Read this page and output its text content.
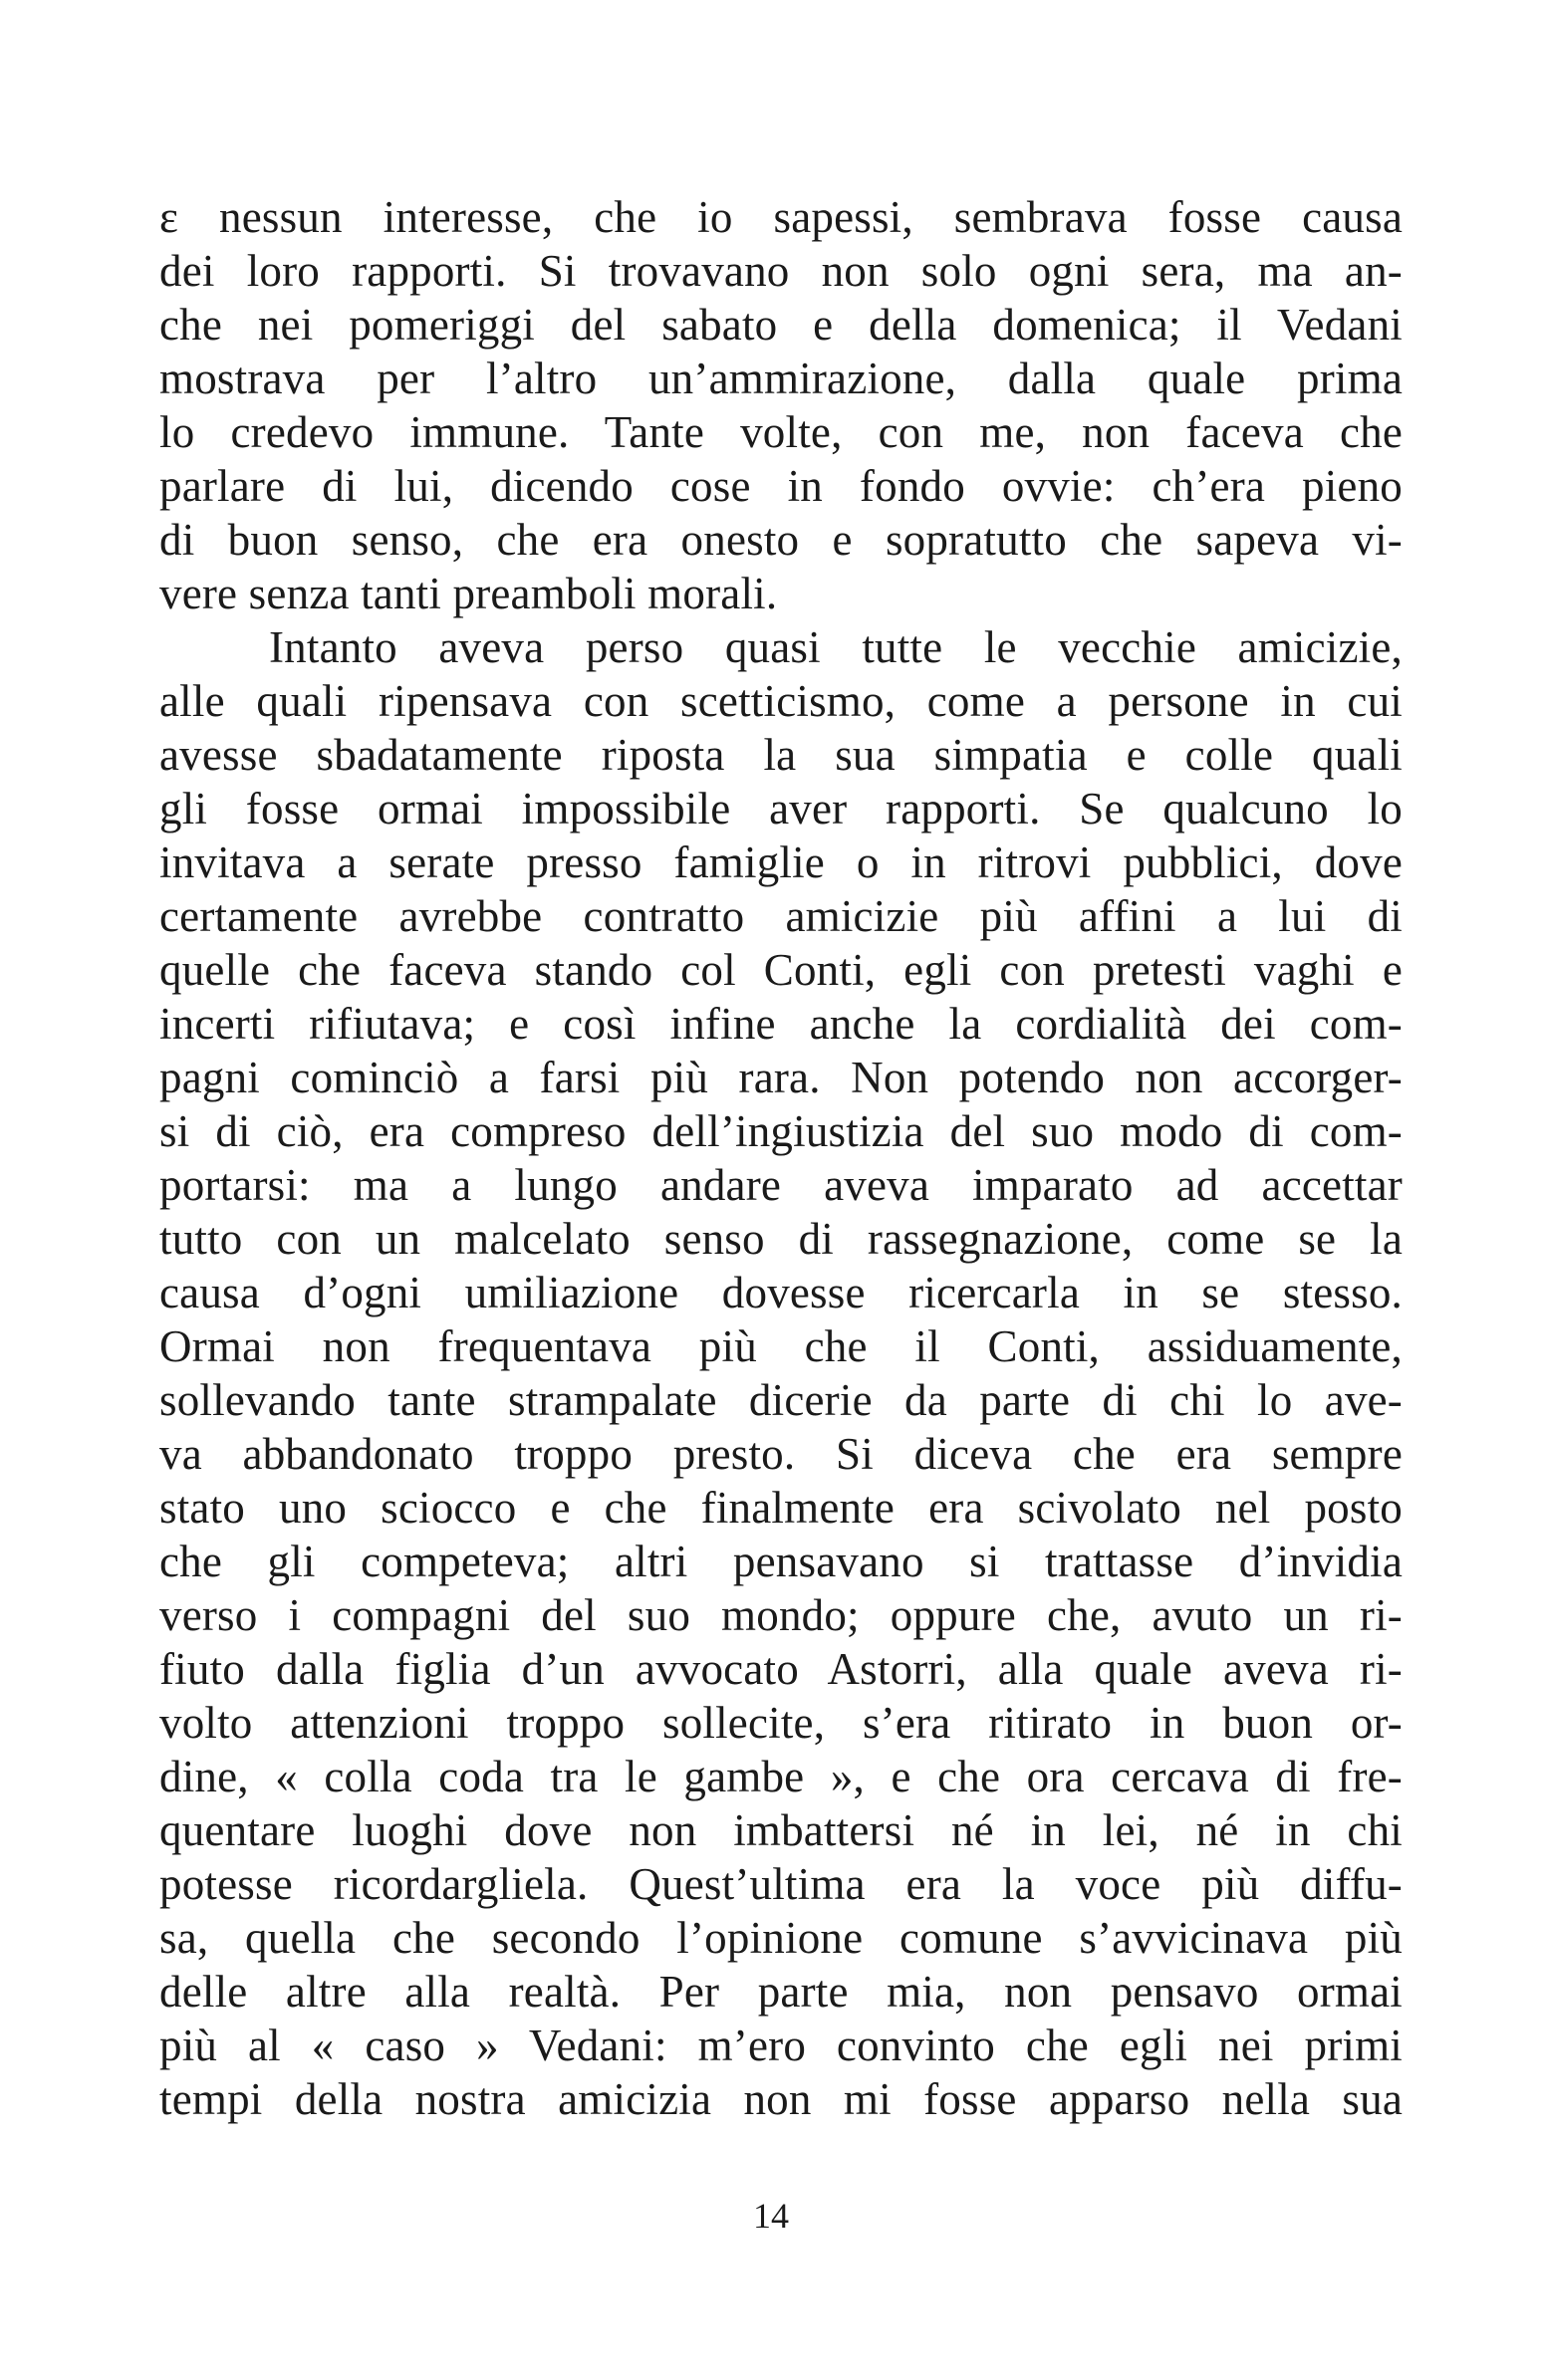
ε nessun interesse, che io sapessi, sembrava fosse causa
dei loro rapporti. Si trovavano non solo ogni sera, ma an-
che nei pomeriggi del sabato e della domenica; il Vedani
mostrava per l’altro un’ammirazione, dalla quale prima
lo credevo immune. Tante volte, con me, non faceva che
parlare di lui, dicendo cose in fondo ovvie: ch’era pieno
di buon senso, che era onesto e sopratutto che sapeva vi-
vere senza tanti preamboli morali.
Intanto aveva perso quasi tutte le vecchie amicizie,
alle quali ripensava con scetticismo, come a persone in cui
avesse sbadatamente riposta la sua simpatia e colle quali
gli fosse ormai impossibile aver rapporti. Se qualcuno lo
invitava a serate presso famiglie o in ritrovi pubblici, dove
certamente avrebbe contratto amicizie più affini a lui di
quelle che faceva stando col Conti, egli con pretesti vaghi e
incerti rifiutava; e così infine anche la cordialità dei com-
pagni cominciò a farsi più rara. Non potendo non accorger-
si di ciò, era compreso dell’ingiustizia del suo modo di com-
portarsi: ma a lungo andare aveva imparato ad accettar
tutto con un malcelato senso di rassegnazione, come se la
causa d’ogni umiliazione dovesse ricercarla in se stesso.
Ormai non frequentava più che il Conti, assiduamente,
sollevando tante strampalate dicerie da parte di chi lo ave-
va abbandonato troppo presto. Si diceva che era sempre
stato uno sciocco e che finalmente era scivolato nel posto
che gli competeva; altri pensavano si trattasse d’invidia
verso i compagni del suo mondo; oppure che, avuto un ri-
fiuto dalla figlia d’un avvocato Astorri, alla quale aveva ri-
volto attenzioni troppo sollecite, s’era ritirato in buon or-
dine, « colla coda tra le gambe », e che ora cercava di fre-
quentare luoghi dove non imbattersi né in lei, né in chi
potesse ricordargliela. Quest’ultima era la voce più diffu-
sa, quella che secondo l’opinione comune s’avvicinava più
delle altre alla realtà. Per parte mia, non pensavo ormai
più al « caso » Vedani: m’ero convinto che egli nei primi
tempi della nostra amicizia non mi fosse apparso nella sua
14
